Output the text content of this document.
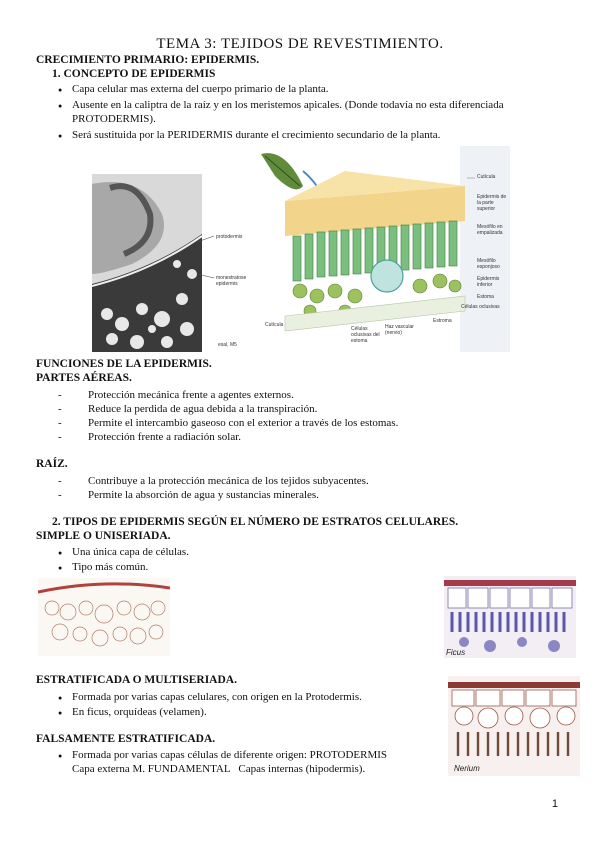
TEMA 3: TEJIDOS DE REVESTIMIENTO.
CRECIMIENTO PRIMARIO: EPIDERMIS.
1. CONCEPTO DE EPIDERMIS
● Capa celular mas externa del cuerpo primario de la planta.
● Ausente en la caliptra de la raíz y en los meristemos apicales. (Donde todavía no esta diferenciada
PROTODERMIS).
● Será sustituida por la PERIDERMIS durante el crecimiento secundario de la planta.
protodermis
monestratose
epidermis
esal, M5
Cutícula
Epidermis de la parte superior
Mesófilo en empalizada
Mesófilo esponjoso
Epidermis inferior
Estoma
Células oclusivas
Cutícula	Haz vascular (nervio)
Estroma
Células oclusivas del estoma
FUNCIONES DE LA EPIDERMIS.
PARTES AÉREAS.
- Protección mecánica frente a agentes externos.
- Reduce la perdida de agua debida a la transpiración.
- Permite el intercambio gaseoso con el exterior a través de los estomas.
- Protección frente a radiación solar.
RAÍZ.
- Contribuye a la protección mecánica de los tejidos subyacentes.
- Permite la absorción de agua y sustancias minerales.
2. TIPOS DE EPIDERMIS SEGÚN EL NÚMERO DE ESTRATOS CELULARES.
SIMPLE O UNISERIADA.
● Una única capa de células.
● Tipo más común.
Ficus
ESTRATIFICADA O MULTISERIADA.
● Formada por varias capas celulares, con origen en la Protodermis.
● En ficus, orquídeas (velamen).
Nerium
FALSAMENTE ESTRATIFICADA.
● Formada por varias capas células de diferente origen: PROTODERMIS
Capa externa M. FUNDAMENTAL   Capas internas (hipodermis).
1
